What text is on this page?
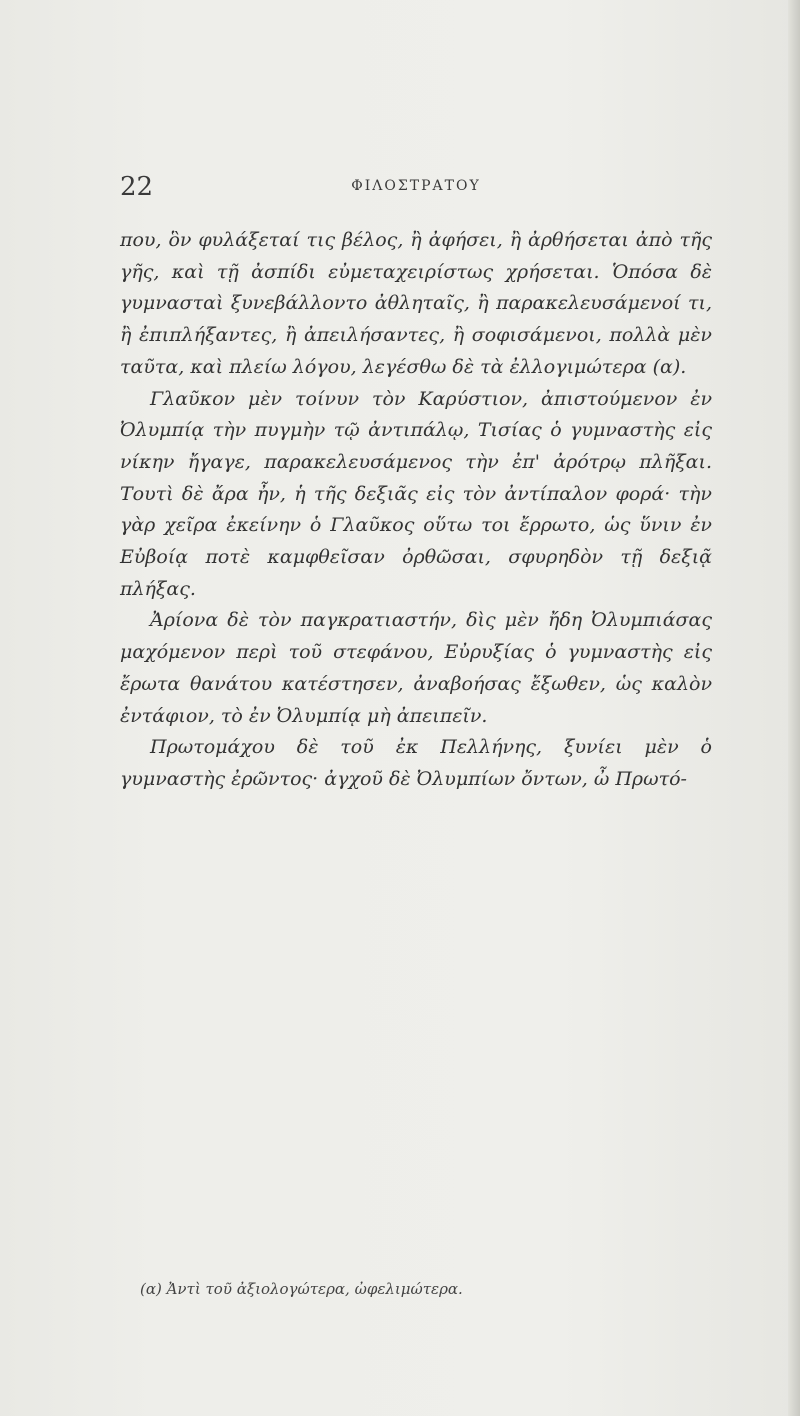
22	ΦΙΛΟΣΤΡΑΤΟΥ

που, ὃν φυλάξεταί τις βέλος, ἢ ἀφήσει, ἢ ἀρθήσεται ἀπὸ τῆς γῆς, καὶ τῇ ἀσπίδι εὐμεταχειρίστως χρήσεται. Ὁπόσα δὲ γυμνασταὶ ξυνεβάλλοντο ἀθληταῖς, ἢ παρακελευσάμενοί τι, ἢ ἐπιπλήξαντες, ἢ ἀπειλήσαντες, ἢ σοφισάμενοι, πολλὰ μὲν ταῦτα, καὶ πλείω λόγου, λεγέσθω δὲ τὰ ἐλλογιμώτερα (α).

Γλαῦκον μὲν τοίνυν τὸν Καρύστιον, ἀπιστούμενον ἐν Ὀλυμπίᾳ τὴν πυγμὴν τῷ ἀντιπάλῳ, Τισίας ὁ γυμναστὴς εἰς νίκην ἤγαγε, παρακελευσάμενος τὴν ἐπ' ἀρότρῳ πλῆξαι. Τουτὶ δὲ ἄρα ἦν, ἡ τῆς δεξιᾶς εἰς τὸν ἀντίπαλον φορά· τὴν γὰρ χεῖρα ἐκείνην ὁ Γλαῦκος οὕτω τοι ἔρρωτο, ὡς ὕνιν ἐν Εὐβοίᾳ ποτὲ καμφθεῖσαν ὀρθῶσαι, σφυρηδὸν τῇ δεξιᾷ πλήξας.

Ἀρίονα δὲ τὸν παγκρατιαστήν, δὶς μὲν ἤδη Ὀλυμπιάσας μαχόμενον περὶ τοῦ στεφάνου, Εὐρυξίας ὁ γυμναστὴς εἰς ἔρωτα θανάτου κατέστησεν, ἀναβοήσας ἔξωθεν, ὡς καλὸν ἐντάφιον, τὸ ἐν Ὀλυμπίᾳ μὴ ἀπειπεῖν.

Πρωτομάχου δὲ τοῦ ἐκ Πελλήνης, ξυνίει μὲν ὁ γυμναστὴς ἐρῶντος· ἀγχοῦ δὲ Ὀλυμπίων ὄντων, ὦ Πρωτό-

(α) Ἀντὶ τοῦ ἀξιολογώτερα, ὠφελιμώτερα.
